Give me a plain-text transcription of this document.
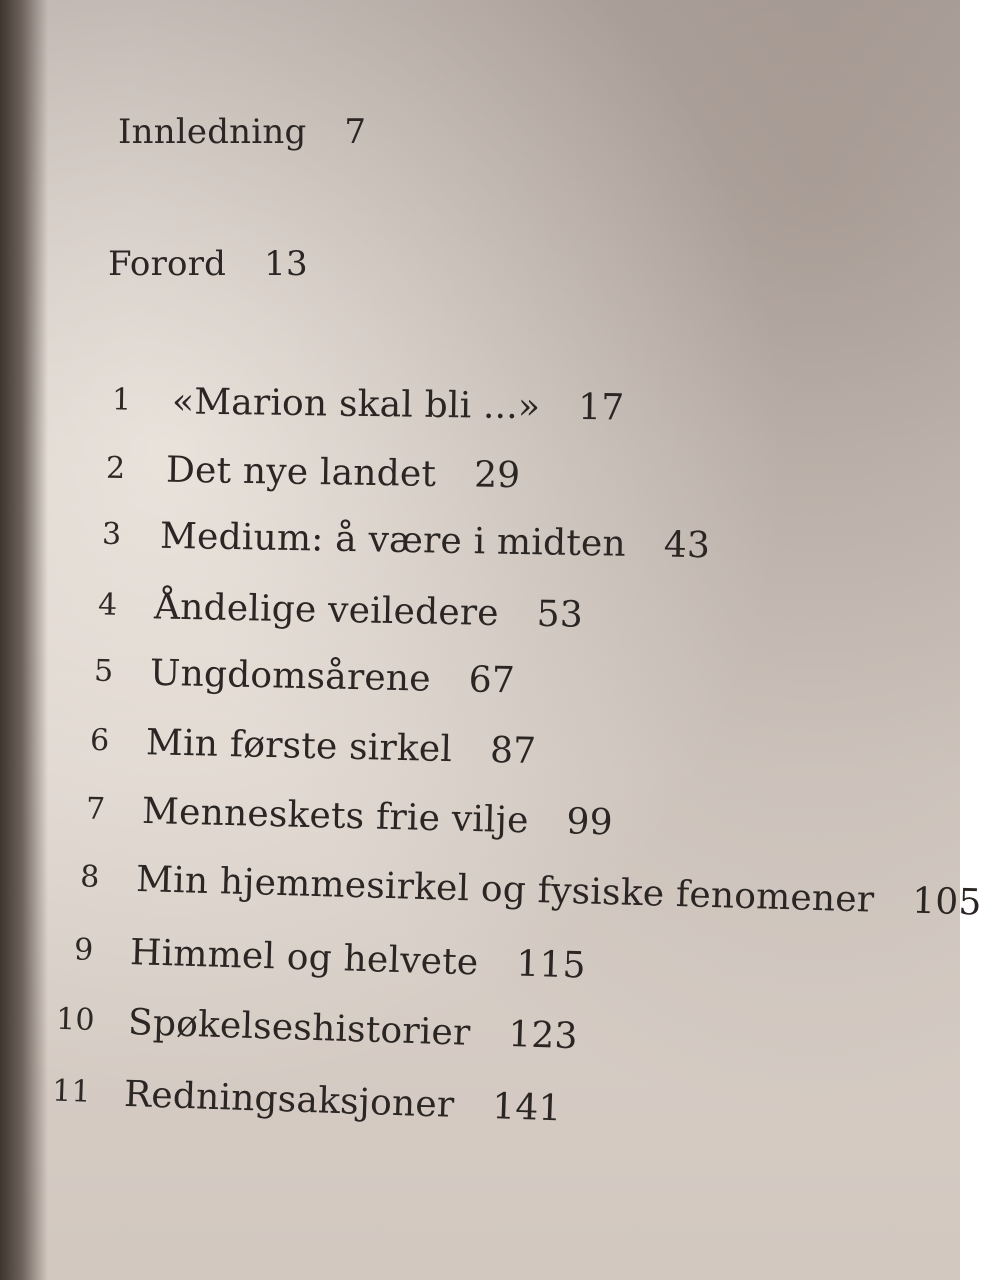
Innledning 7
Forord 13
1 «Marion skal bli ...» 17
2 Det nye landet 29
3 Medium: å være i midten 43
4 Åndelige veiledere 53
5 Ungdomsårene 67
6 Min første sirkel 87
7 Menneskets frie vilje 99
8 Min hjemmesirkel og fysiske fenomener 105
9 Himmel og helvete 115
10 Spøkelseshistorier 123
11 Redningsaksjoner 141
